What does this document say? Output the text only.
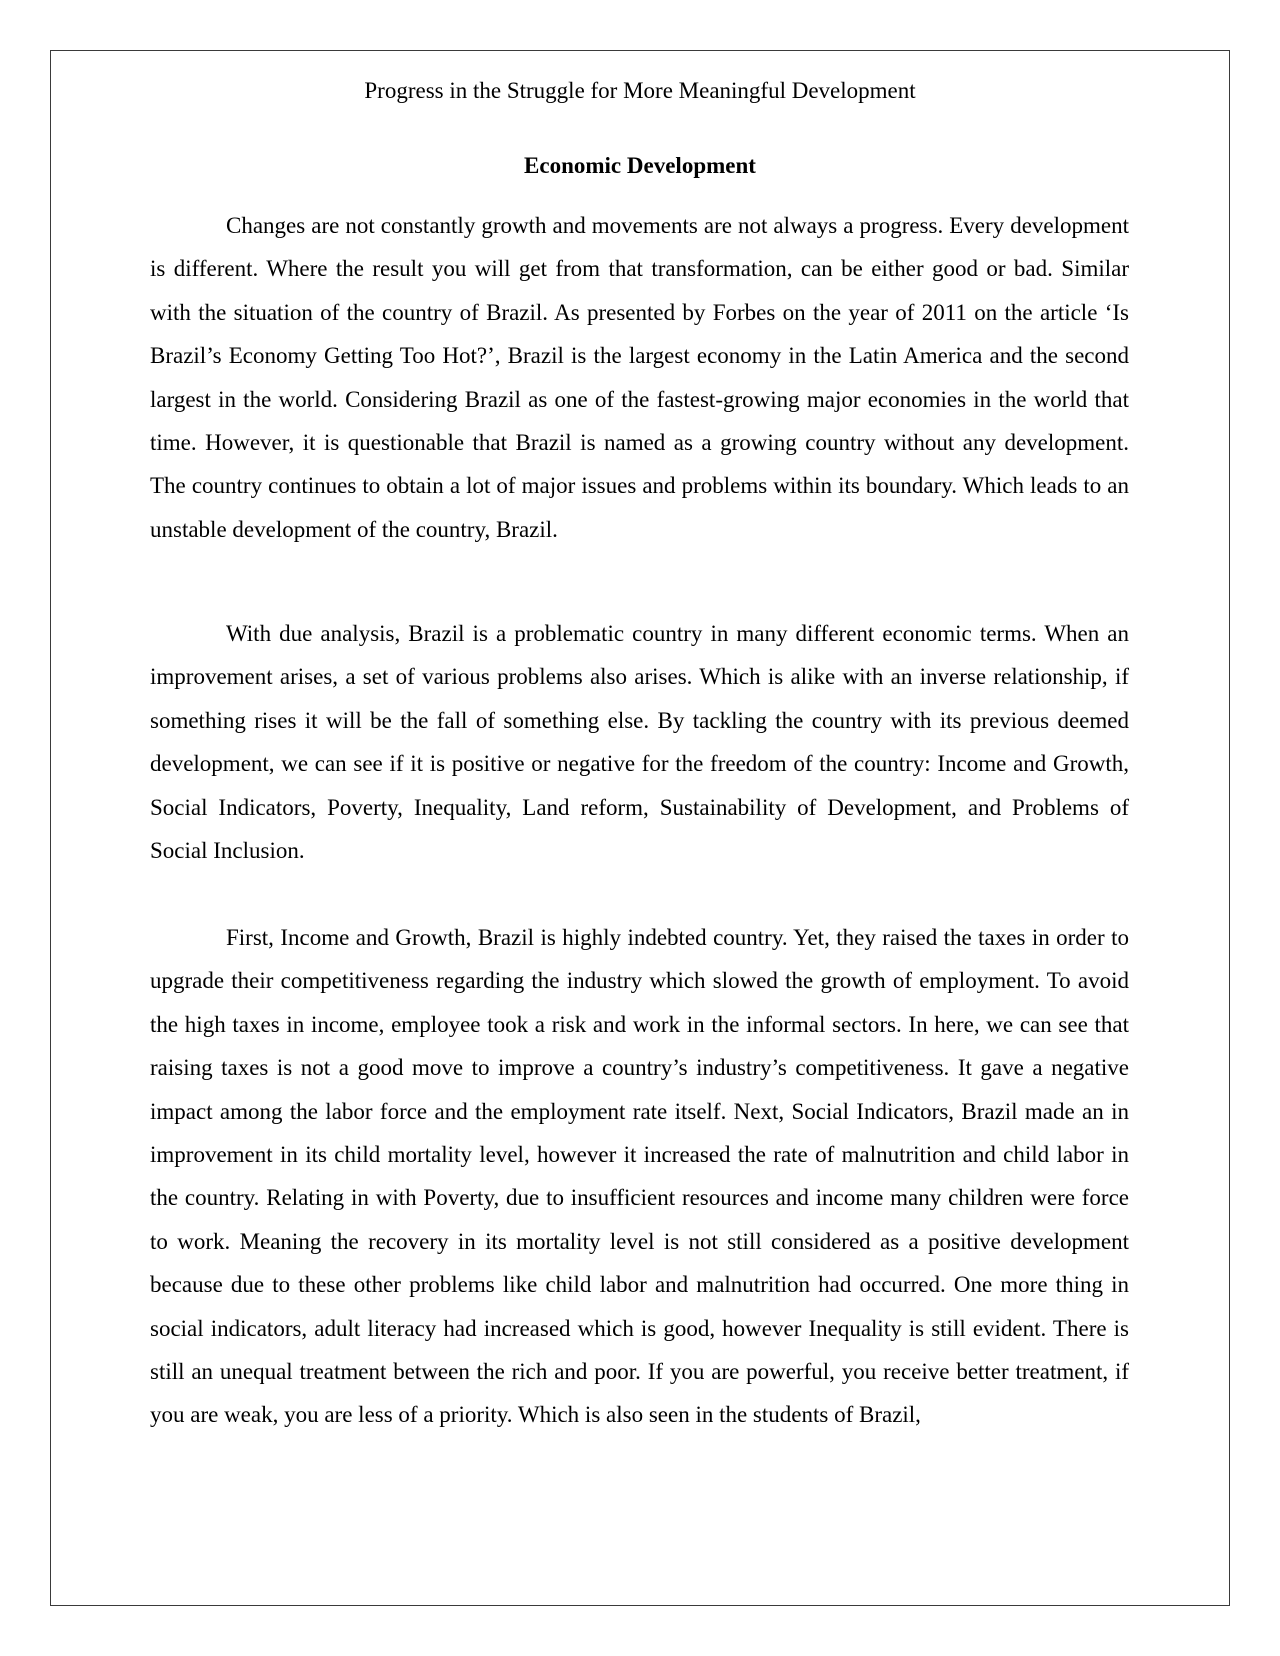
Progress in the Struggle for More Meaningful Development
Economic Development

Changes are not constantly growth and movements are not always a progress. Every development is different. Where the result you will get from that transformation, can be either good or bad. Similar with the situation of the country of Brazil. As presented by Forbes on the year of 2011 on the article ‘Is Brazil’s Economy Getting Too Hot?’, Brazil is the largest economy in the Latin America and the second largest in the world. Considering Brazil as one of the fastest-growing major economies in the world that time. However, it is questionable that Brazil is named as a growing country without any development. The country continues to obtain a lot of major issues and problems within its boundary. Which leads to an unstable development of the country, Brazil.

With due analysis, Brazil is a problematic country in many different economic terms. When an improvement arises, a set of various problems also arises. Which is alike with an inverse relationship, if something rises it will be the fall of something else. By tackling the country with its previous deemed development, we can see if it is positive or negative for the freedom of the country: Income and Growth, Social Indicators, Poverty, Inequality, Land reform, Sustainability of Development, and Problems of Social Inclusion.

First, Income and Growth, Brazil is highly indebted country. Yet, they raised the taxes in order to upgrade their competitiveness regarding the industry which slowed the growth of employment. To avoid the high taxes in income, employee took a risk and work in the informal sectors. In here, we can see that raising taxes is not a good move to improve a country’s industry’s competitiveness. It gave a negative impact among the labor force and the employment rate itself. Next, Social Indicators, Brazil made an in improvement in its child mortality level, however it increased the rate of malnutrition and child labor in the country. Relating in with Poverty, due to insufficient resources and income many children were force to work. Meaning the recovery in its mortality level is not still considered as a positive development because due to these other problems like child labor and malnutrition had occurred. One more thing in social indicators, adult literacy had increased which is good, however Inequality is still evident. There is still an unequal treatment between the rich and poor. If you are powerful, you receive better treatment, if you are weak, you are less of a priority. Which is also seen in the students of Brazil,
